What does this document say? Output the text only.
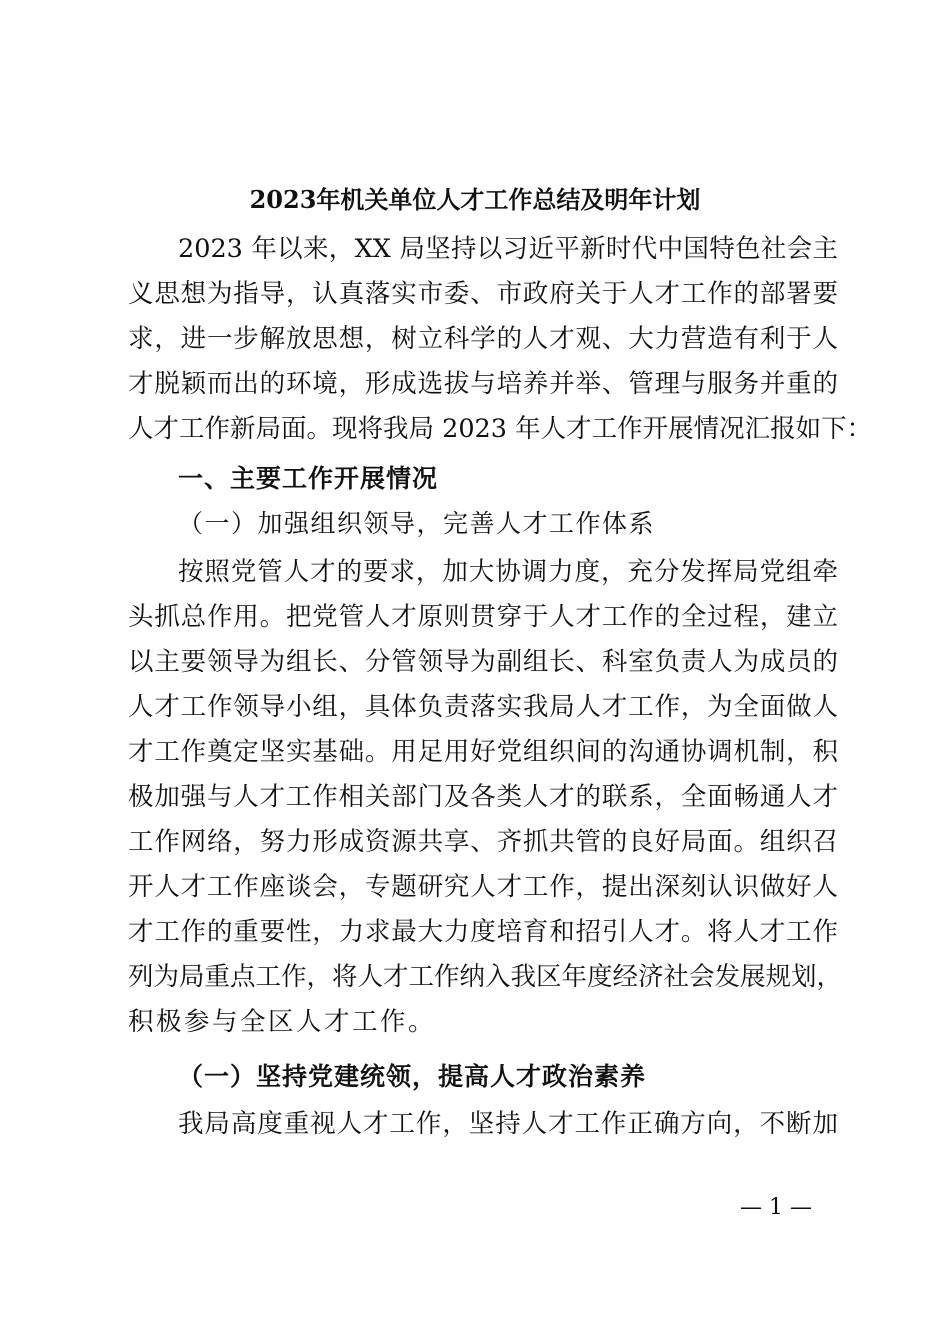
2023年机关单位人才工作总结及明年计划
2023 年以来，XX 局坚持以习近平新时代中国特色社会主
义思想为指导，认真落实市委、市政府关于人才工作的部署要
求，进一步解放思想，树立科学的人才观、大力营造有利于人
才脱颖而出的环境，形成选拔与培养并举、管理与服务并重的
人才工作新局面。现将我局 2023 年人才工作开展情况汇报如下：
一、主要工作开展情况
（一）加强组织领导，完善人才工作体系
按照党管人才的要求，加大协调力度，充分发挥局党组牵
头抓总作用。把党管人才原则贯穿于人才工作的全过程，建立
以主要领导为组长、分管领导为副组长、科室负责人为成员的
人才工作领导小组，具体负责落实我局人才工作，为全面做人
才工作奠定坚实基础。用足用好党组织间的沟通协调机制，积
极加强与人才工作相关部门及各类人才的联系，全面畅通人才
工作网络，努力形成资源共享、齐抓共管的良好局面。组织召
开人才工作座谈会，专题研究人才工作，提出深刻认识做好人
才工作的重要性，力求最大力度培育和招引人才。将人才工作
列为局重点工作，将人才工作纳入我区年度经济社会发展规划，
积极参与全区人才工作。
（一）坚持党建统领，提高人才政治素养
我局高度重视人才工作，坚持人才工作正确方向，不断加
— 1 —
